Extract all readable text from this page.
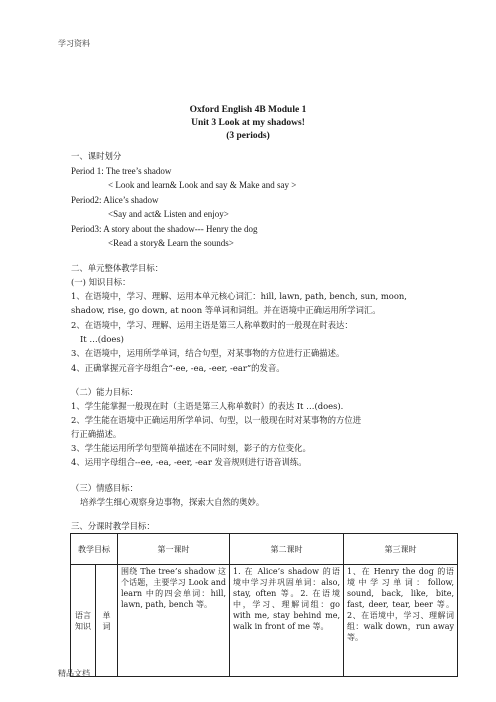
学习资料
Oxford English 4B Module 1
Unit 3 Look at my shadows!
(3 periods)
一、课时划分
Period 1: The tree’s shadow
< Look and learn& Look and say & Make and say >
Period2: Alice’s shadow
<Say and act& Listen and enjoy>
Period3: A story about the shadow--- Henry the dog
<Read a story& Learn the sounds>
二、单元整体教学目标：
(一) 知识目标：
1、在语境中，学习、理解、运用本单元核心词汇：hill, lawn, path, bench, sun, moon,
shadow, rise, go down, at noon 等单词和词组。并在语境中正确运用所学词汇。
2、在语境中，学习、理解、运用主语是第三人称单数时的一般现在时表达：
It …(does)
3、在语境中，运用所学单词，结合句型，对某事物的方位进行正确描述。
4、正确掌握元音字母组合“-ee, -ea, -eer, -ear”的发音。
（二）能力目标：
1、学生能掌握一般现在时（主语是第三人称单数时）的表达 It …(does).
2、学生能在语境中正确运用所学单词、句型，以一般现在时对某事物的方位进
行正确描述。
3、学生能运用所学句型简单描述在不同时刻，影子的方位变化。
4、运用字母组合--ee, -ea, -eer, -ear 发音规则进行语音训练。
（三）情感目标：
培养学生细心观察身边事物，探索大自然的奥妙。
三、分课时教学目标：
教学目标		第一课时	第二课时	第三课时
语言知识	单词	围绕 The tree’s shadow 这个话题，主要学习 Look and learn 中的四会单词：hill, lawn, path, bench 等。	1. 在 Alice’s shadow 的语境中学习并巩固单词：also, stay, often 等。2. 在语境中，学习、理解词组：go with me, stay behind me, walk in front of me 等。	1、在 Henry the dog 的语境中学习单词：follow, sound, back, like, bite, fast, deer, tear, beer 等。2、在语境中，学习、理解词组：walk down，run away 等。
精品文档
